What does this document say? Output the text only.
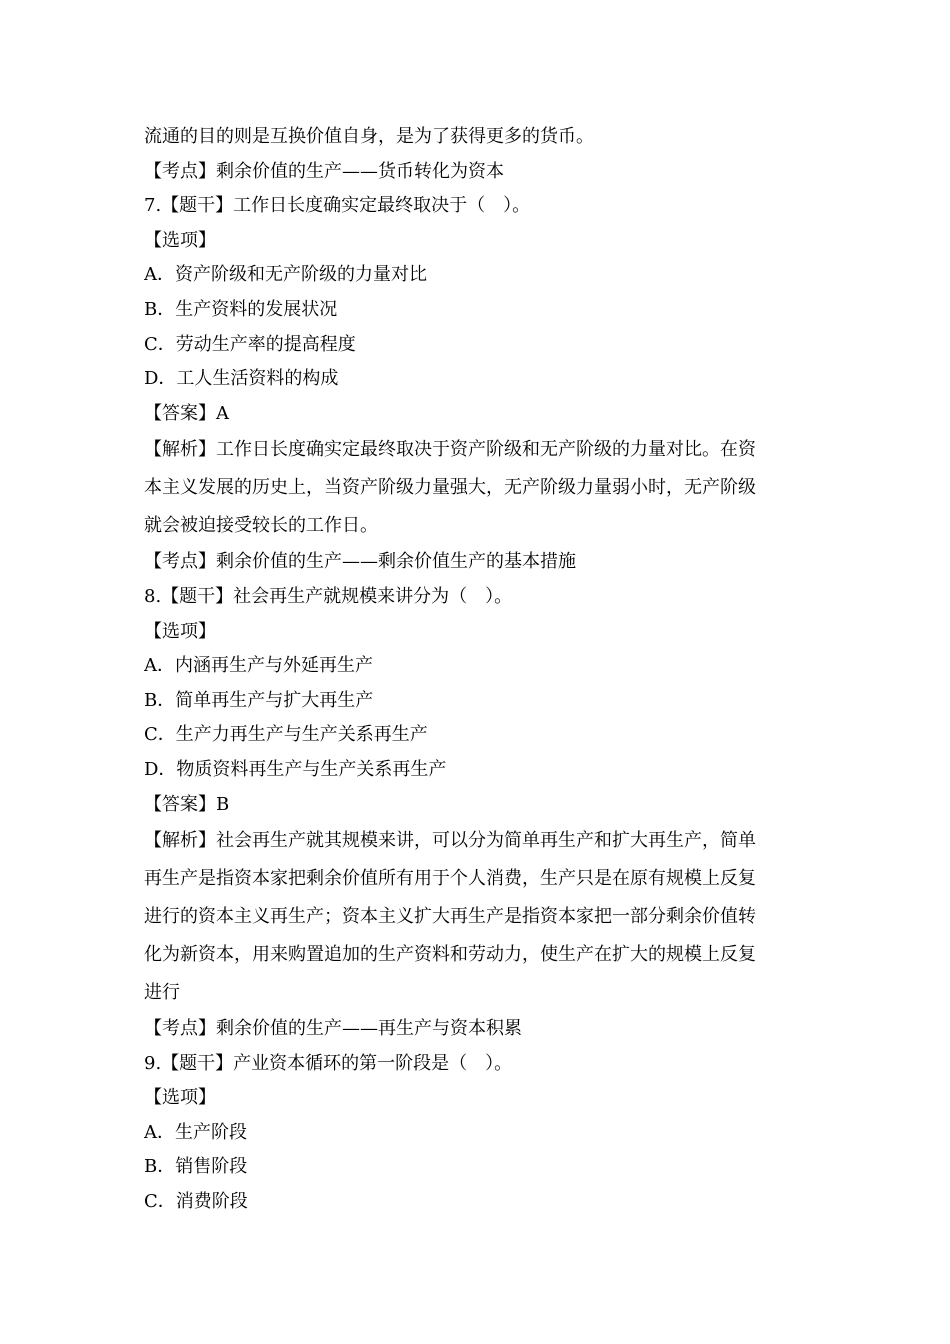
流通的目的则是互换价值自身，是为了获得更多的货币。
【考点】剩余价值的生产——货币转化为资本
7.【题干】工作日长度确实定最终取决于（　）。
【选项】
A．资产阶级和无产阶级的力量对比
B．生产资料的发展状况
C．劳动生产率的提高程度
D．工人生活资料的构成
【答案】A
【解析】工作日长度确实定最终取决于资产阶级和无产阶级的力量对比。在资
本主义发展的历史上，当资产阶级力量强大，无产阶级力量弱小时，无产阶级
就会被迫接受较长的工作日。
【考点】剩余价值的生产——剩余价值生产的基本措施
8.【题干】社会再生产就规模来讲分为（　）。
【选项】
A．内涵再生产与外延再生产
B．简单再生产与扩大再生产
C．生产力再生产与生产关系再生产
D．物质资料再生产与生产关系再生产
【答案】B
【解析】社会再生产就其规模来讲，可以分为简单再生产和扩大再生产，简单
再生产是指资本家把剩余价值所有用于个人消费，生产只是在原有规模上反复
进行的资本主义再生产；资本主义扩大再生产是指资本家把一部分剩余价值转
化为新资本，用来购置追加的生产资料和劳动力，使生产在扩大的规模上反复
进行
【考点】剩余价值的生产——再生产与资本积累
9.【题干】产业资本循环的第一阶段是（　）。
【选项】
A．生产阶段
B．销售阶段
C．消费阶段
